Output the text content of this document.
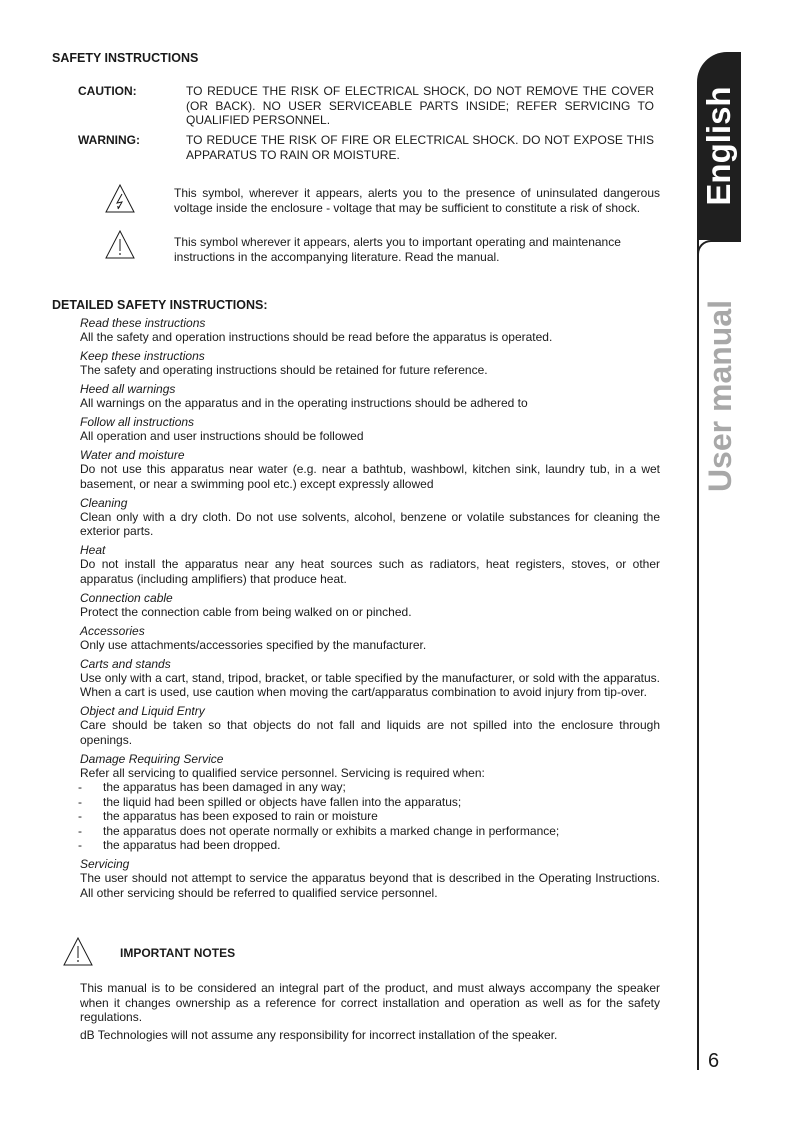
English
User manual
6
SAFETY INSTRUCTIONS
CAUTION:	TO REDUCE THE RISK OF ELECTRICAL SHOCK, DO NOT REMOVE THE COVER (OR BACK). NO USER SERVICEABLE PARTS INSIDE; REFER SERVICING TO QUALIFIED PERSONNEL.
WARNING:	TO REDUCE THE RISK OF FIRE OR ELECTRICAL SHOCK. DO NOT EXPOSE THIS APPARATUS TO RAIN OR MOISTURE.
This symbol, wherever it appears, alerts you to the presence of uninsulated dangerous voltage inside the enclosure - voltage that may be sufficient to constitute a risk of shock.
This symbol wherever it appears, alerts you to important operating and maintenance instructions in the accompanying literature. Read the manual.
DETAILED SAFETY INSTRUCTIONS:
Read these instructions
All the safety and operation instructions should be read before the apparatus is operated.
Keep these instructions
The safety and operating instructions should be retained for future reference.
Heed all warnings
All warnings on the apparatus and in the operating instructions should be adhered to
Follow all instructions
All operation and user instructions should be followed
Water and moisture
Do not use this apparatus near water (e.g. near a bathtub, washbowl, kitchen sink, laundry tub, in a wet basement, or near a swimming pool etc.) except expressly allowed
Cleaning
Clean only with a dry cloth. Do not use solvents, alcohol, benzene or volatile substances for cleaning the exterior parts.
Heat
Do not install the apparatus near any heat sources such as radiators, heat registers, stoves, or other apparatus (including amplifiers) that produce heat.
Connection cable
Protect the connection cable from being walked on or pinched.
Accessories
Only use attachments/accessories specified by the manufacturer.
Carts and stands
Use only with a cart, stand, tripod, bracket, or table specified by the manufacturer, or sold with the apparatus. When a cart is used, use caution when moving the cart/apparatus combination to avoid injury from tip-over.
Object and Liquid Entry
Care should be taken so that objects do not fall and liquids are not spilled into the enclosure through openings.
Damage Requiring Service
Refer all servicing to qualified service personnel. Servicing is required when:
- the apparatus has been damaged in any way;
- the liquid had been spilled or objects have fallen into the apparatus;
- the apparatus has been exposed to rain or moisture
- the apparatus does not operate normally or exhibits a marked change in performance;
- the apparatus had been dropped.
Servicing
The user should not attempt to service the apparatus beyond that is described in the Operating Instructions. All other servicing should be referred to qualified service personnel.
IMPORTANT NOTES
This manual is to be considered an integral part of the product, and must always accompany the speaker when it changes ownership as a reference for correct installation and operation as well as for the safety regulations.
dB Technologies will not assume any responsibility for incorrect installation of the speaker.
